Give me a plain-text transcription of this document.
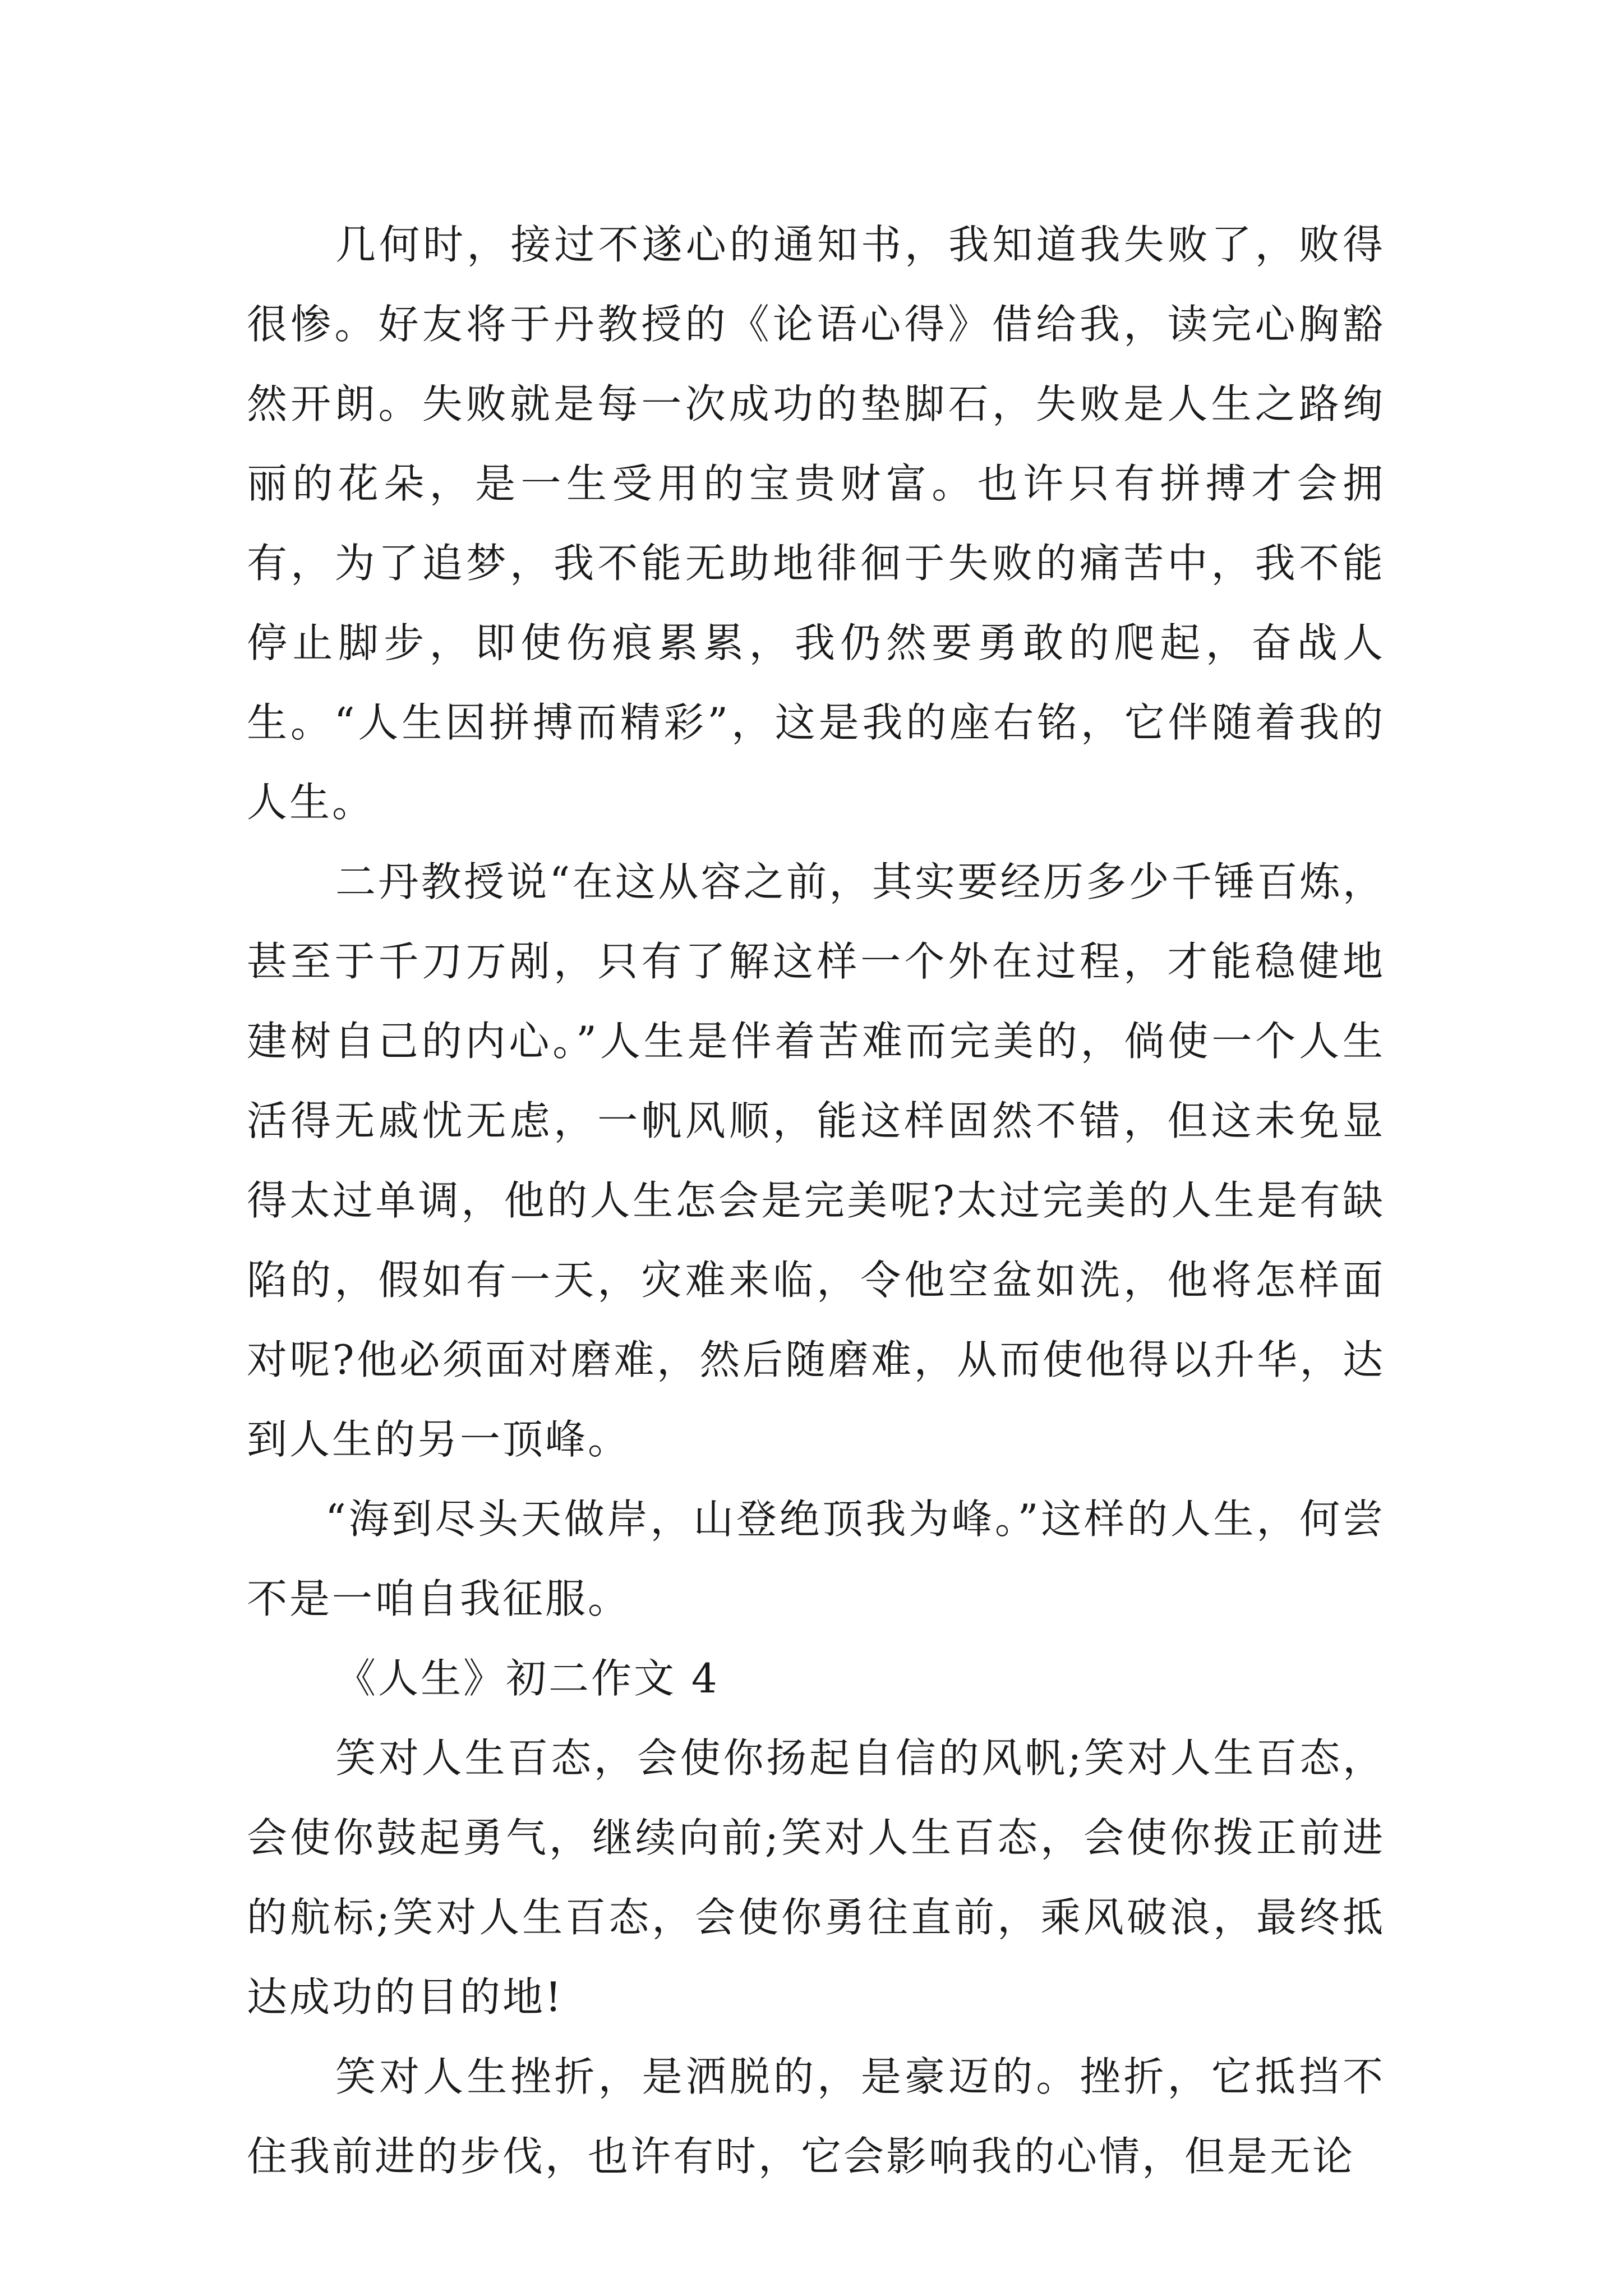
几何时，接过不遂心的通知书，我知道我失败了，败得很惨。好友将于丹教授的《论语心得》借给我，读完心胸豁然开朗。失败就是每一次成功的垫脚石，失败是人生之路绚丽的花朵，是一生受用的宝贵财富。也许只有拼搏才会拥有，为了追梦，我不能无助地徘徊于失败的痛苦中，我不能停止脚步，即使伤痕累累，我仍然要勇敢的爬起，奋战人生。“人生因拼搏而精彩”，这是我的座右铭，它伴随着我的人生。

二丹教授说“在这从容之前，其实要经历多少千锤百炼，甚至于千刀万剐，只有了解这样一个外在过程，才能稳健地建树自己的内心。”人生是伴着苦难而完美的，倘使一个人生活得无戚忧无虑，一帆风顺，能这样固然不错，但这未免显得太过单调，他的人生怎会是完美呢?太过完美的人生是有缺陷的，假如有一天，灾难来临，令他空盆如洗，他将怎样面对呢?他必须面对磨难，然后随磨难，从而使他得以升华，达到人生的另一顶峰。

“海到尽头天做岸，山登绝顶我为峰。”这样的人生，何尝不是一咱自我征服。

《人生》初二作文 4

笑对人生百态，会使你扬起自信的风帆;笑对人生百态，会使你鼓起勇气，继续向前;笑对人生百态，会使你拨正前进的航标;笑对人生百态，会使你勇往直前，乘风破浪，最终抵达成功的目的地!

笑对人生挫折，是洒脱的，是豪迈的。挫折，它抵挡不住我前进的步伐，也许有时，它会影响我的心情，但是无论
